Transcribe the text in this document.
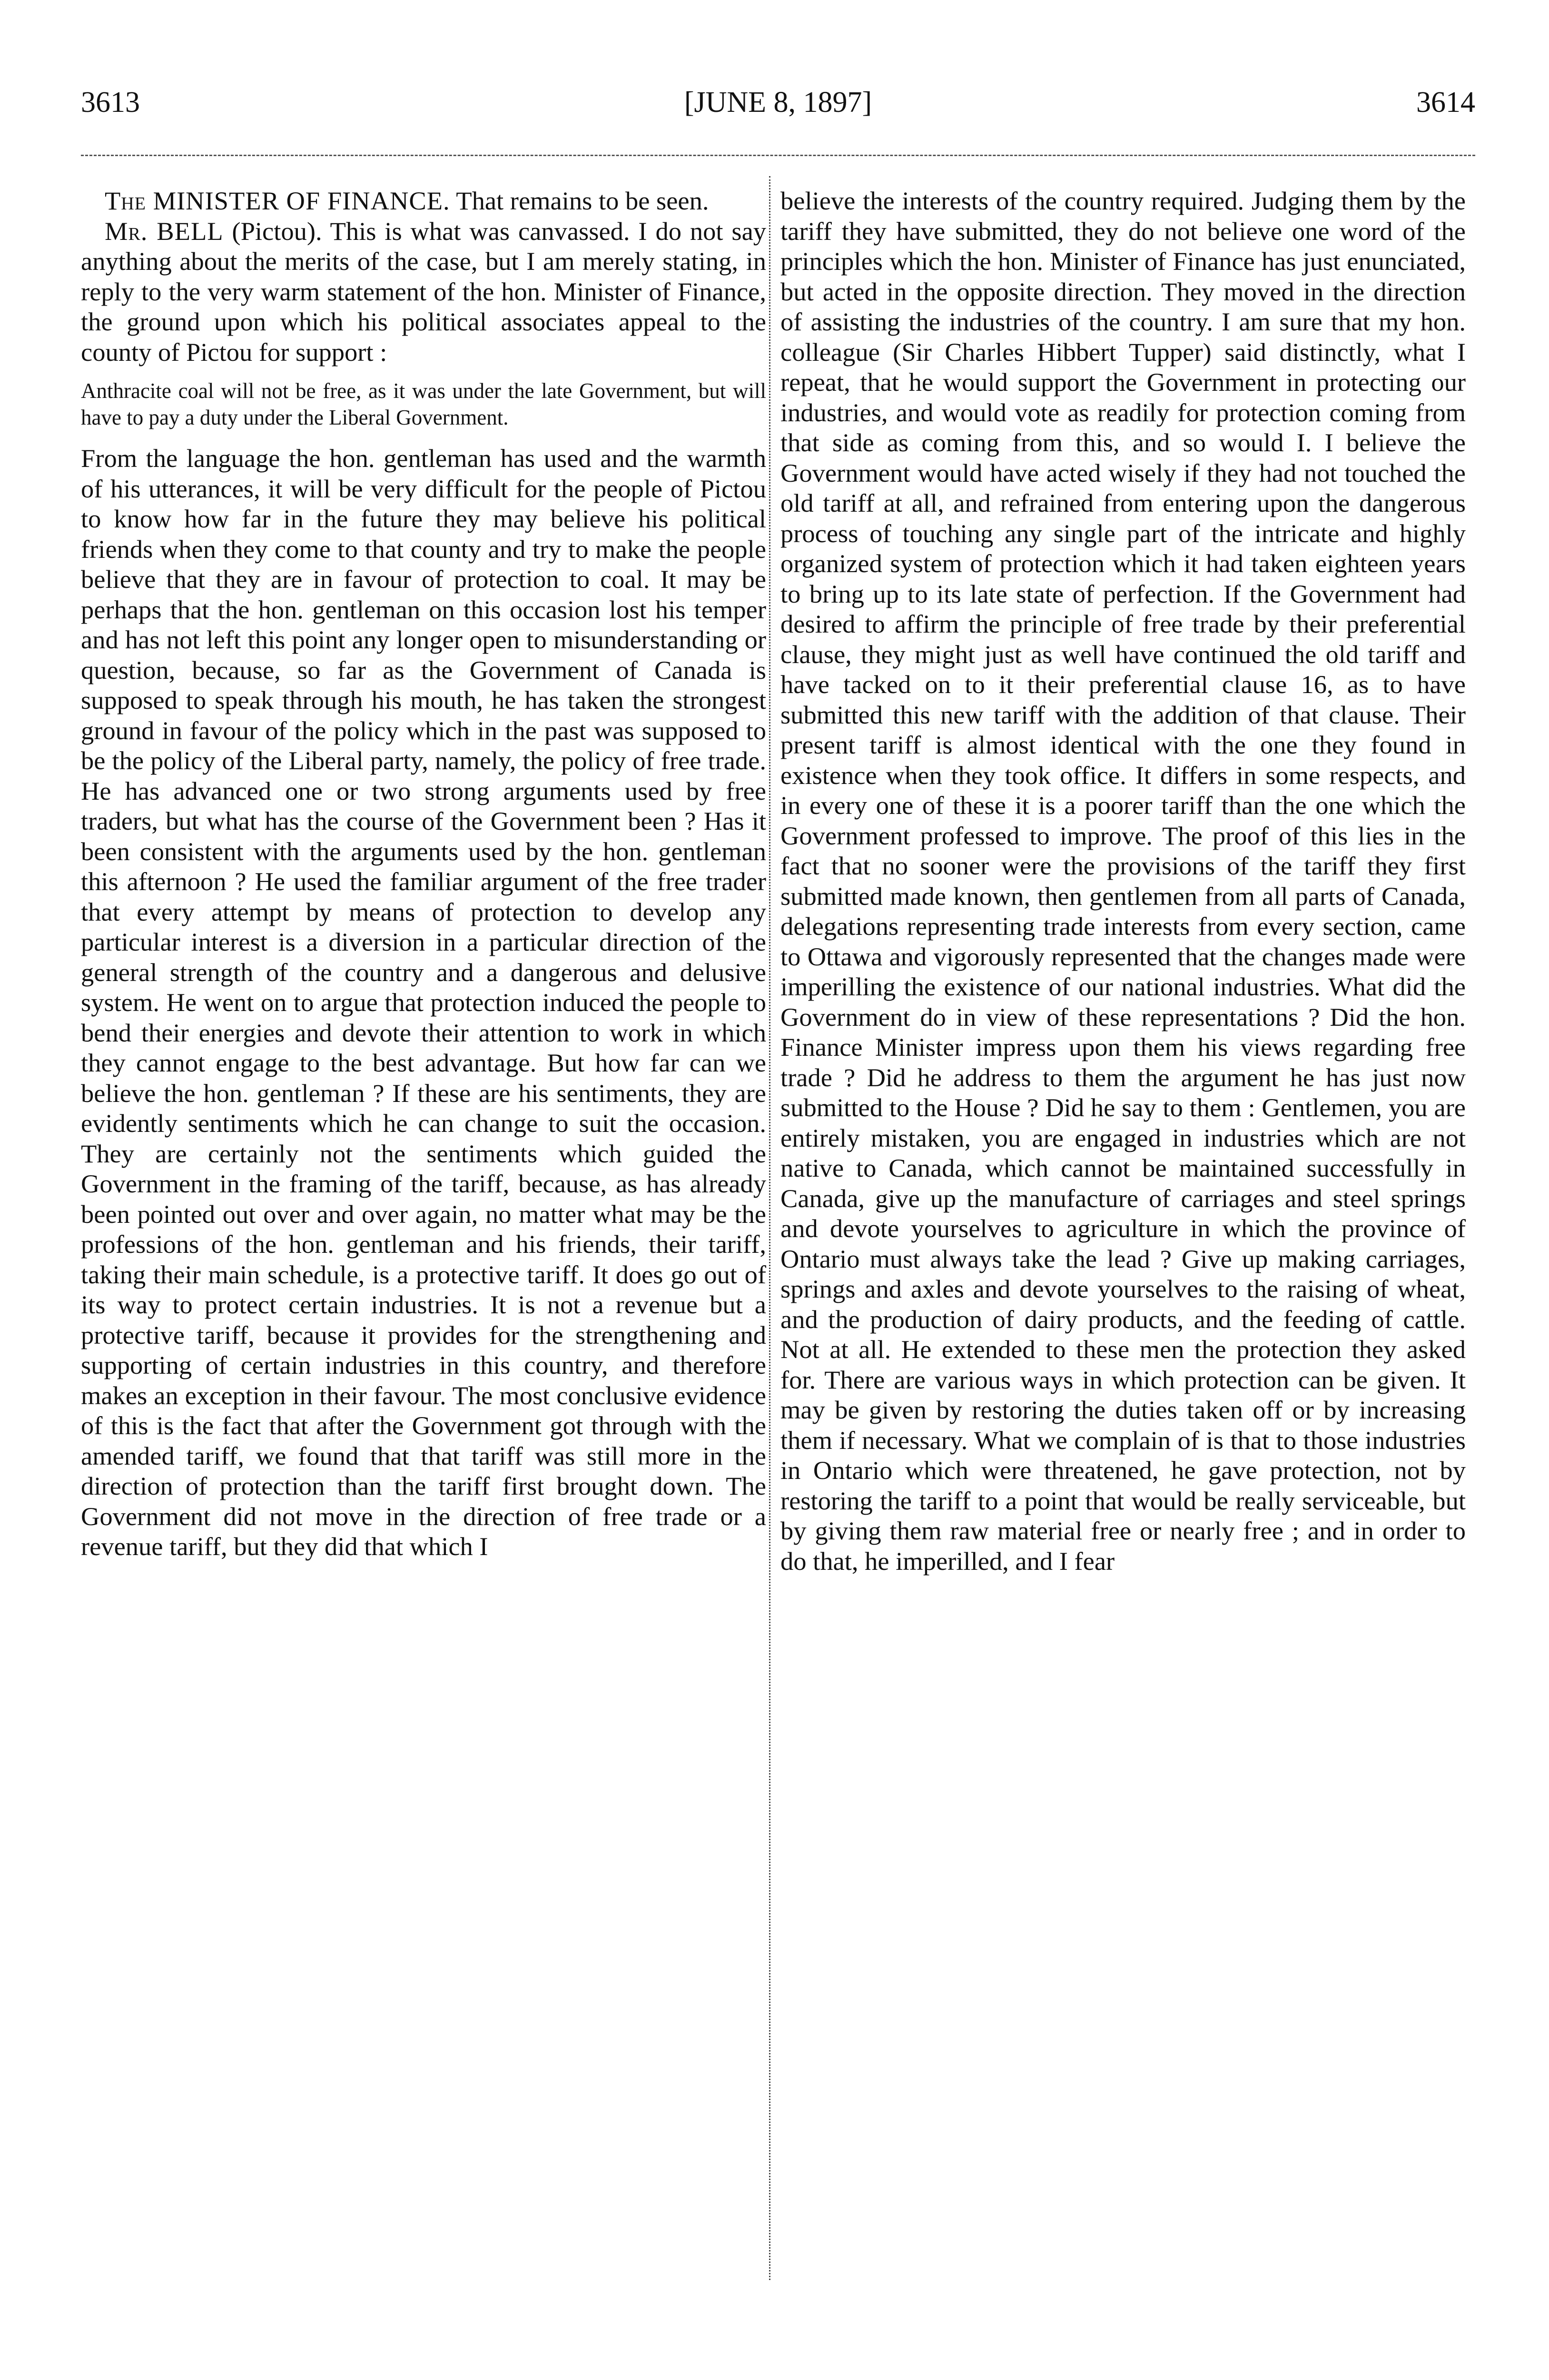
3613	[JUNE 8, 1897]	3614

The MINISTER OF FINANCE. That remains to be seen.

Mr. BELL (Pictou). This is what was canvassed. I do not say anything about the merits of the case, but I am merely stating, in reply to the very warm statement of the hon. Minister of Finance, the ground upon which his political associates appeal to the county of Pictou for support :

Anthracite coal will not be free, as it was under the late Government, but will have to pay a duty under the Liberal Government.

From the language the hon. gentleman has used and the warmth of his utterances, it will be very difficult for the people of Pictou to know how far in the future they may believe his political friends when they come to that county and try to make the people believe that they are in favour of protection to coal. It may be perhaps that the hon. gentleman on this occasion lost his temper and has not left this point any longer open to misunderstanding or question, because, so far as the Government of Canada is supposed to speak through his mouth, he has taken the strongest ground in favour of the policy which in the past was supposed to be the policy of the Liberal party, namely, the policy of free trade. He has advanced one or two strong arguments used by free traders, but what has the course of the Government been ? Has it been consistent with the arguments used by the hon. gentleman this afternoon ? He used the familiar argument of the free trader that every attempt by means of protection to develop any particular interest is a diversion in a particular direction of the general strength of the country and a dangerous and delusive system. He went on to argue that protection induced the people to bend their energies and devote their attention to work in which they cannot engage to the best advantage. But how far can we believe the hon. gentleman ? If these are his sentiments, they are evidently sentiments which he can change to suit the occasion. They are certainly not the sentiments which guided the Government in the framing of the tariff, because, as has already been pointed out over and over again, no matter what may be the professions of the hon. gentleman and his friends, their tariff, taking their main schedule, is a protective tariff. It does go out of its way to protect certain industries. It is not a revenue but a protective tariff, because it provides for the strengthening and supporting of certain industries in this country, and therefore makes an exception in their favour. The most conclusive evidence of this is the fact that after the Government got through with the amended tariff, we found that that tariff was still more in the direction of protection than the tariff first brought down. The Government did not move in the direction of free trade or a revenue tariff, but they did that which I

believe the interests of the country required. Judging them by the tariff they have submitted, they do not believe one word of the principles which the hon. Minister of Finance has just enunciated, but acted in the opposite direction. They moved in the direction of assisting the industries of the country. I am sure that my hon. colleague (Sir Charles Hibbert Tupper) said distinctly, what I repeat, that he would support the Government in protecting our industries, and would vote as readily for protection coming from that side as coming from this, and so would I. I believe the Government would have acted wisely if they had not touched the old tariff at all, and refrained from entering upon the dangerous process of touching any single part of the intricate and highly organized system of protection which it had taken eighteen years to bring up to its late state of perfection. If the Government had desired to affirm the principle of free trade by their preferential clause, they might just as well have continued the old tariff and have tacked on to it their preferential clause 16, as to have submitted this new tariff with the addition of that clause. Their present tariff is almost identical with the one they found in existence when they took office. It differs in some respects, and in every one of these it is a poorer tariff than the one which the Government professed to improve. The proof of this lies in the fact that no sooner were the provisions of the tariff they first submitted made known, then gentlemen from all parts of Canada, delegations representing trade interests from every section, came to Ottawa and vigorously represented that the changes made were imperilling the existence of our national industries. What did the Government do in view of these representations ? Did the hon. Finance Minister impress upon them his views regarding free trade ? Did he address to them the argument he has just now submitted to the House ? Did he say to them : Gentlemen, you are entirely mistaken, you are engaged in industries which are not native to Canada, which cannot be maintained successfully in Canada, give up the manufacture of carriages and steel springs and devote yourselves to agriculture in which the province of Ontario must always take the lead ? Give up making carriages, springs and axles and devote yourselves to the raising of wheat, and the production of dairy products, and the feeding of cattle. Not at all. He extended to these men the protection they asked for. There are various ways in which protection can be given. It may be given by restoring the duties taken off or by increasing them if necessary. What we complain of is that to those industries in Ontario which were threatened, he gave protection, not by restoring the tariff to a point that would be really serviceable, but by giving them raw material free or nearly free ; and in order to do that, he imperilled, and I fear
